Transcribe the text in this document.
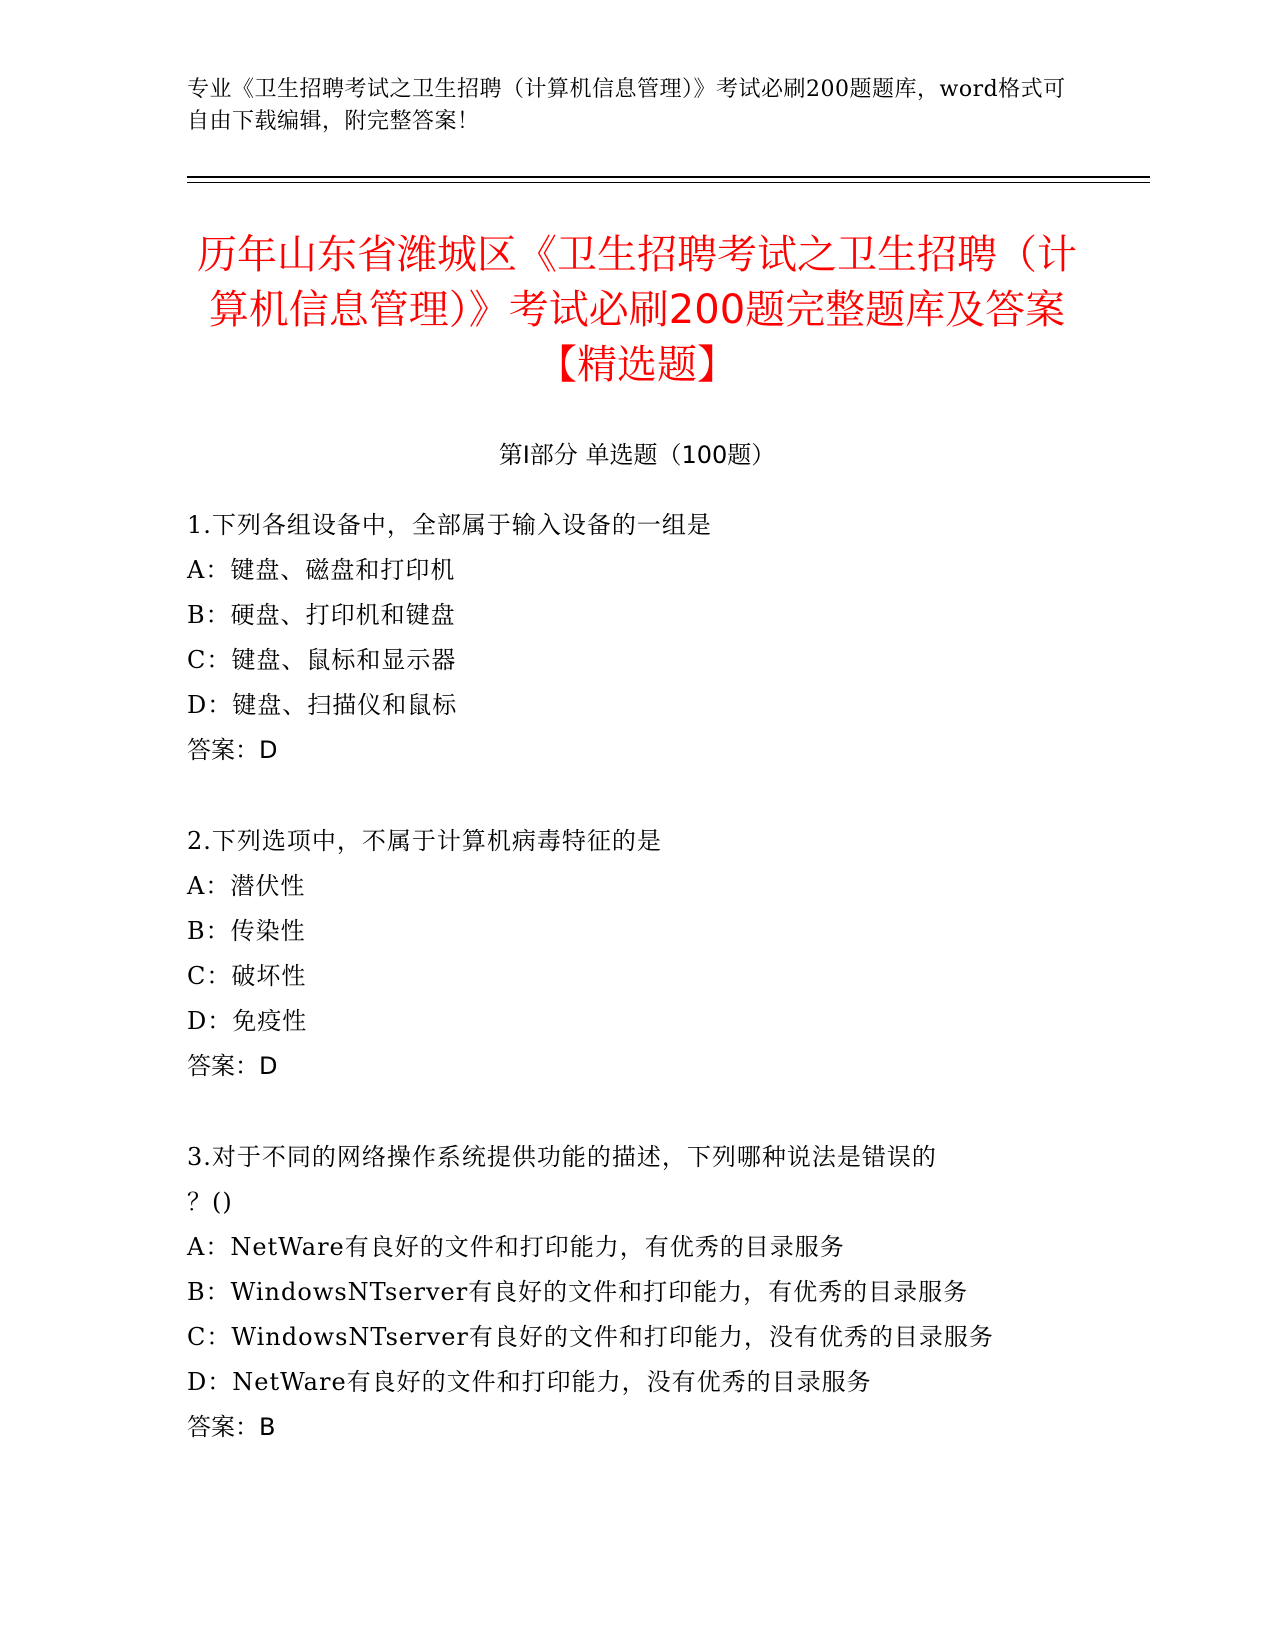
专业《卫生招聘考试之卫生招聘（计算机信息管理）》考试必刷200题题库，word格式可自由下载编辑，附完整答案！
历年山东省潍城区《卫生招聘考试之卫生招聘（计算机信息管理）》考试必刷200题完整题库及答案【精选题】
第I部分 单选题（100题）
1.下列各组设备中，全部属于输入设备的一组是
A：键盘、磁盘和打印机
B：硬盘、打印机和键盘
C：键盘、鼠标和显示器
D：键盘、扫描仪和鼠标
答案：D
2.下列选项中，不属于计算机病毒特征的是
A：潜伏性
B：传染性
C：破坏性
D：免疫性
答案：D
3.对于不同的网络操作系统提供功能的描述，下列哪种说法是错误的
？()
A：NetWare有良好的文件和打印能力，有优秀的目录服务
B：WindowsNTserver有良好的文件和打印能力，有优秀的目录服务
C：WindowsNTserver有良好的文件和打印能力，没有优秀的目录服务
D：NetWare有良好的文件和打印能力，没有优秀的目录服务
答案：B
